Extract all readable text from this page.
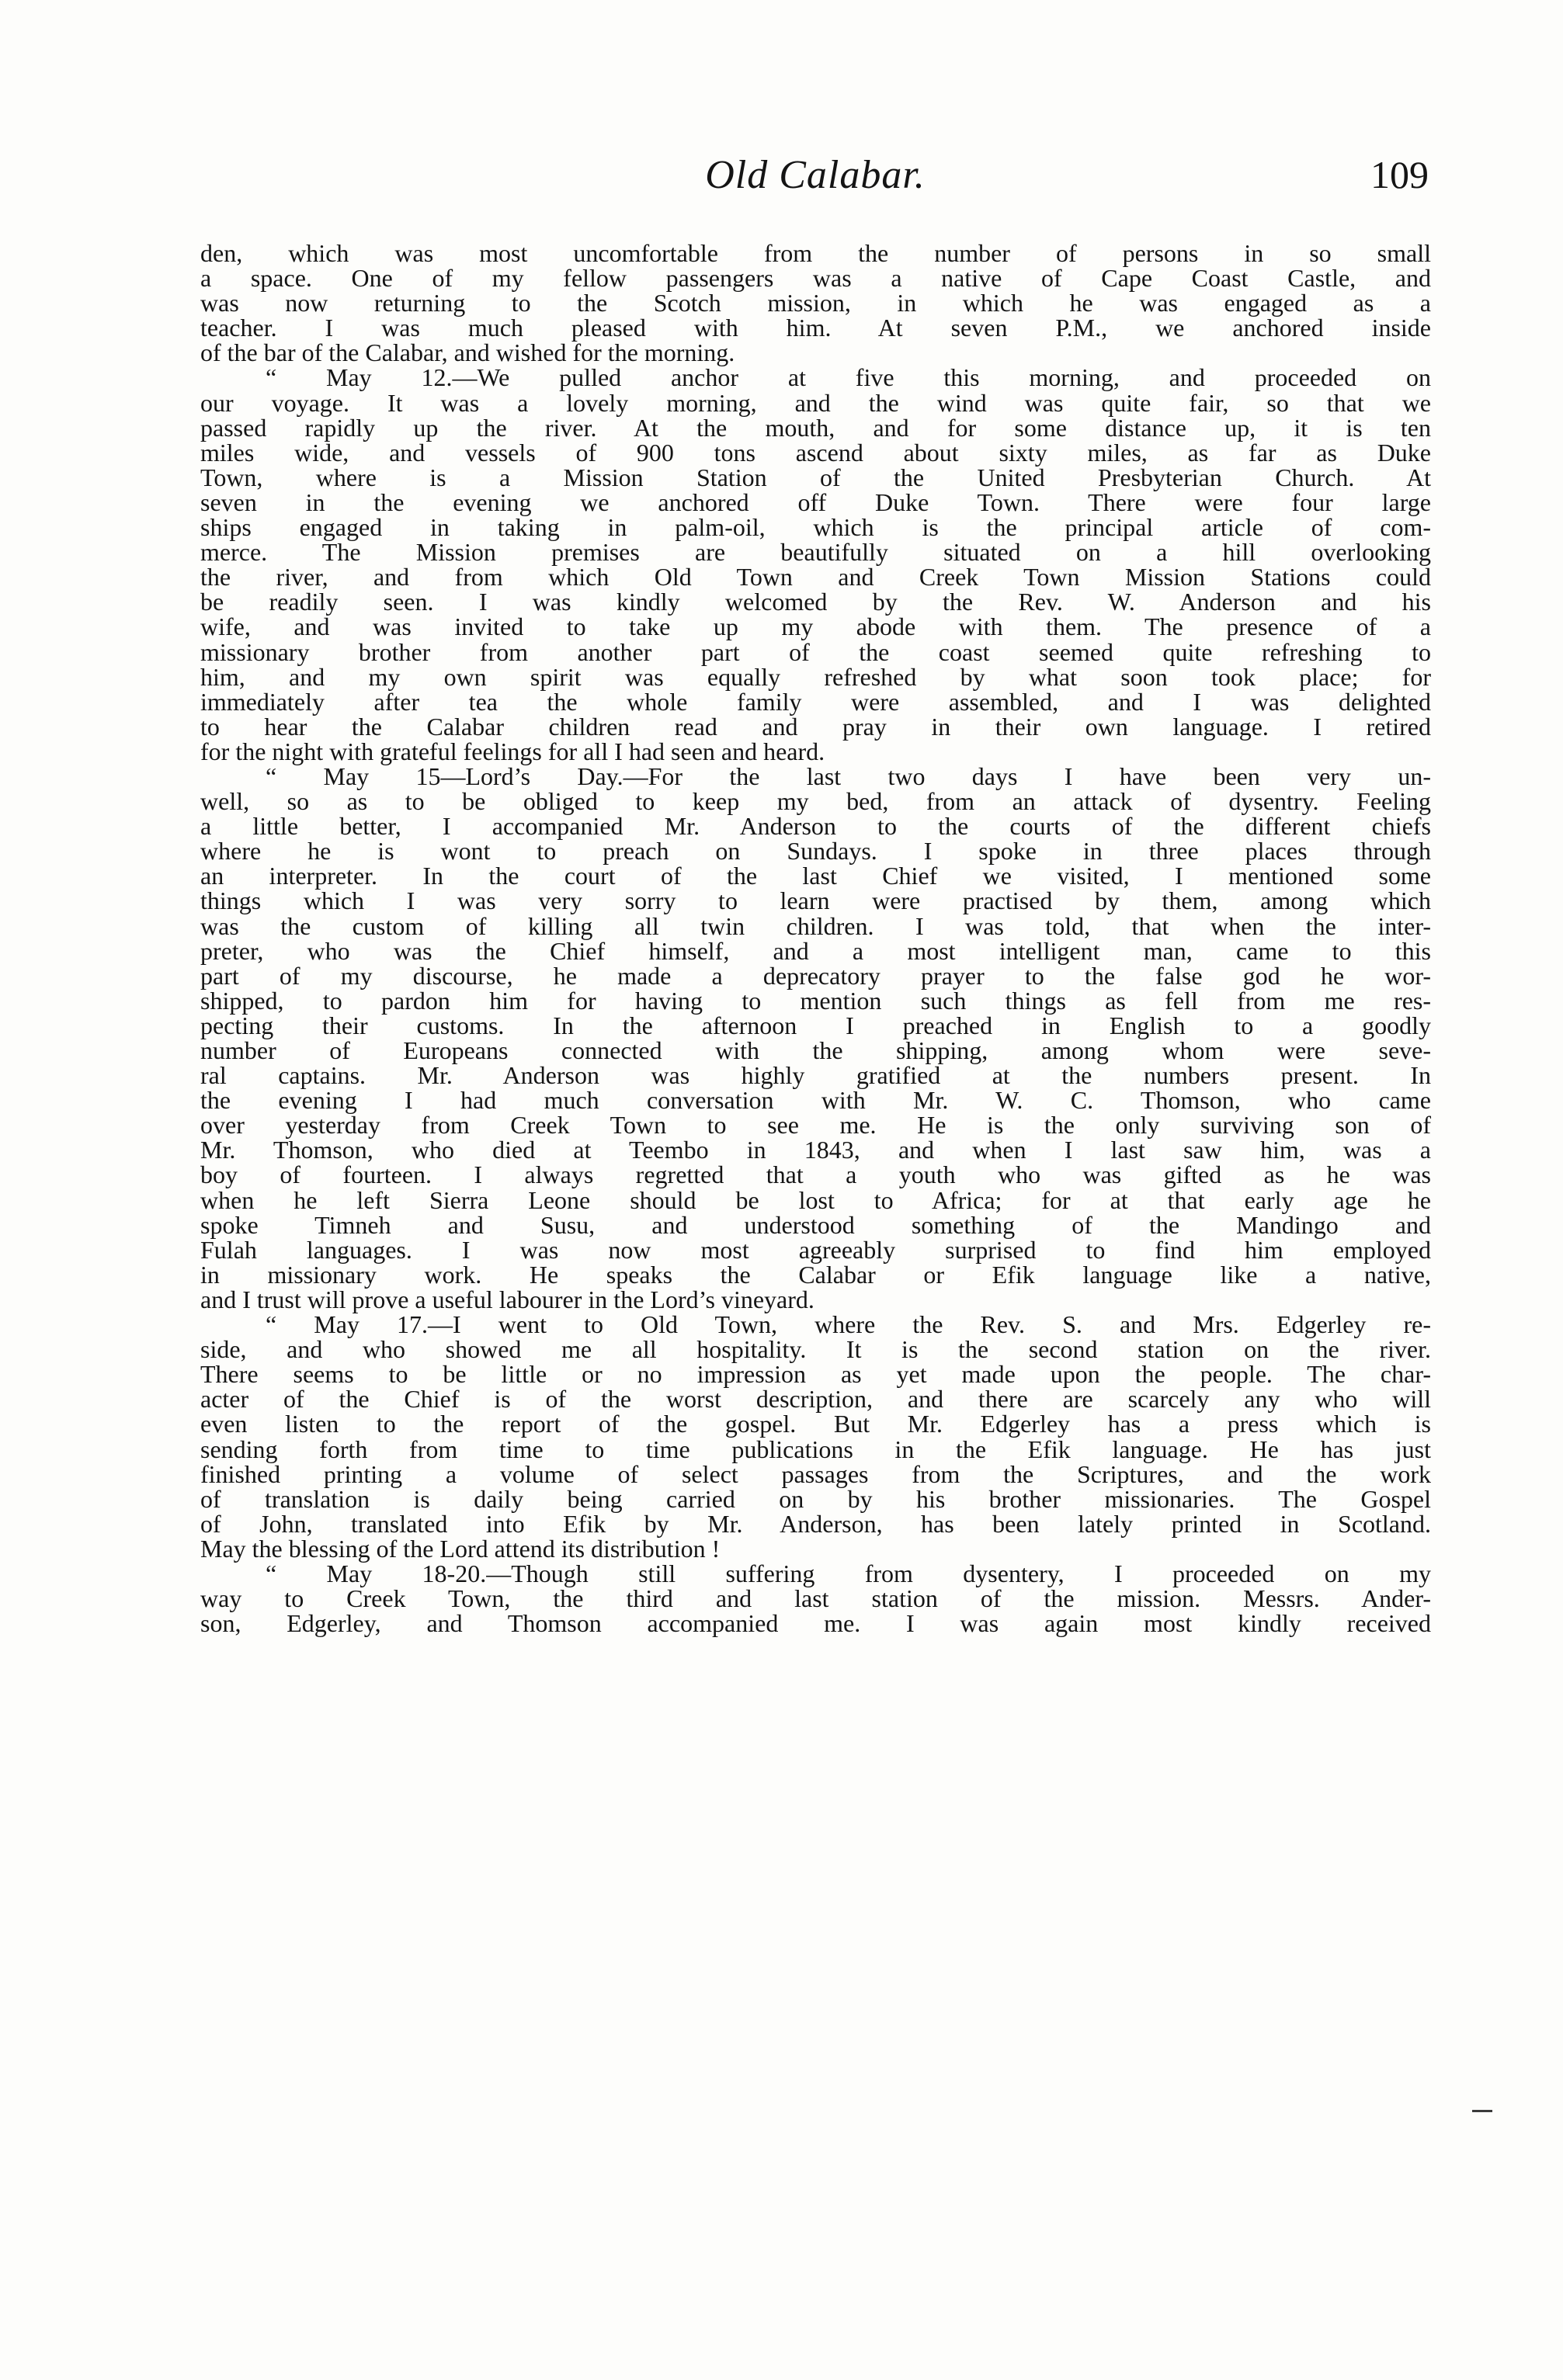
Old Calabar.	109
den, which was most uncomfortable from the number of persons in so small
a space. One of my fellow passengers was a native of Cape Coast Castle, and
was now returning to the Scotch mission, in which he was engaged as a
teacher. I was much pleased with him. At seven P.M., we anchored inside
of the bar of the Calabar, and wished for the morning.
“ May 12.—We pulled anchor at five this morning, and proceeded on
our voyage. It was a lovely morning, and the wind was quite fair, so that we
passed rapidly up the river. At the mouth, and for some distance up, it is ten
miles wide, and vessels of 900 tons ascend about sixty miles, as far as Duke
Town, where is a Mission Station of the United Presbyterian Church. At
seven in the evening we anchored off Duke Town. There were four large
ships engaged in taking in palm-oil, which is the principal article of com-
merce. The Mission premises are beautifully situated on a hill overlooking
the river, and from which Old Town and Creek Town Mission Stations could
be readily seen. I was kindly welcomed by the Rev. W. Anderson and his
wife, and was invited to take up my abode with them. The presence of a
missionary brother from another part of the coast seemed quite refreshing to
him, and my own spirit was equally refreshed by what soon took place; for
immediately after tea the whole family were assembled, and I was delighted
to hear the Calabar children read and pray in their own language. I retired
for the night with grateful feelings for all I had seen and heard.
“ May 15—Lord’s Day.—For the last two days I have been very un-
well, so as to be obliged to keep my bed, from an attack of dysentry. Feeling
a little better, I accompanied Mr. Anderson to the courts of the different chiefs
where he is wont to preach on Sundays. I spoke in three places through
an interpreter. In the court of the last Chief we visited, I mentioned some
things which I was very sorry to learn were practised by them, among which
was the custom of killing all twin children. I was told, that when the inter-
preter, who was the Chief himself, and a most intelligent man, came to this
part of my discourse, he made a deprecatory prayer to the false god he wor-
shipped, to pardon him for having to mention such things as fell from me res-
pecting their customs. In the afternoon I preached in English to a goodly
number of Europeans connected with the shipping, among whom were seve-
ral captains. Mr. Anderson was highly gratified at the numbers present. In
the evening I had much conversation with Mr. W. C. Thomson, who came
over yesterday from Creek Town to see me. He is the only surviving son of
Mr. Thomson, who died at Teembo in 1843, and when I last saw him, was a
boy of fourteen. I always regretted that a youth who was gifted as he was
when he left Sierra Leone should be lost to Africa; for at that early age he
spoke Timneh and Susu, and understood something of the Mandingo and
Fulah languages. I was now most agreeably surprised to find him employed
in missionary work. He speaks the Calabar or Efik language like a native,
and I trust will prove a useful labourer in the Lord’s vineyard.
“ May 17.—I went to Old Town, where the Rev. S. and Mrs. Edgerley re-
side, and who showed me all hospitality. It is the second station on the river.
There seems to be little or no impression as yet made upon the people. The char-
acter of the Chief is of the worst description, and there are scarcely any who will
even listen to the report of the gospel. But Mr. Edgerley has a press which is
sending forth from time to time publications in the Efik language. He has just
finished printing a volume of select passages from the Scriptures, and the work
of translation is daily being carried on by his brother missionaries. The Gospel
of John, translated into Efik by Mr. Anderson, has been lately printed in Scotland.
May the blessing of the Lord attend its distribution !
“ May 18-20.—Though still suffering from dysentery, I proceeded on my
way to Creek Town, the third and last station of the mission. Messrs. Ander-
son, Edgerley, and Thomson accompanied me. I was again most kindly received
